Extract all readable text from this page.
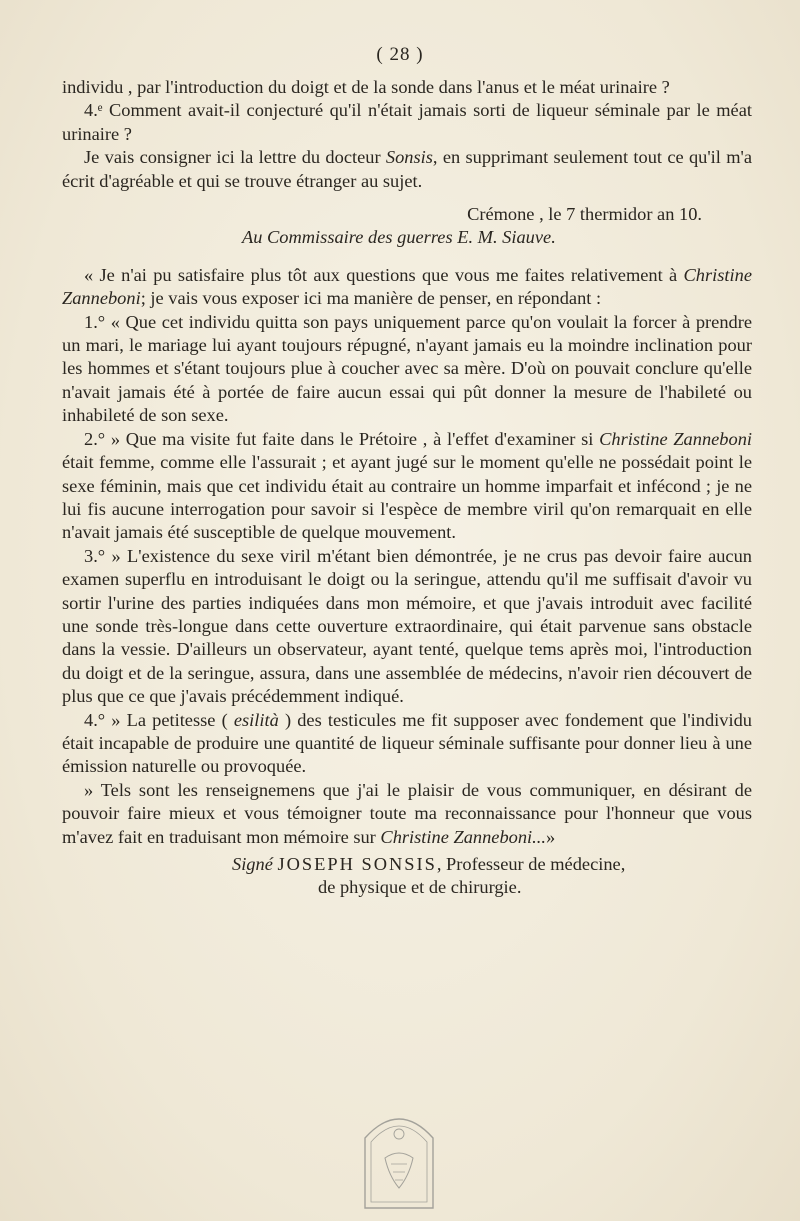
( 28 )

individu , par l'introduction du doigt et de la sonde dans l'anus et le méat urinaire ?

4.ᵉ Comment avait-il conjecturé qu'il n'était jamais sorti de liqueur séminale par le méat urinaire ?

Je vais consigner ici la lettre du docteur Sonsis, en supprimant seulement tout ce qu'il m'a écrit d'agréable et qui se trouve étranger au sujet.

Crémone , le 7 thermidor an 10.

Au Commissaire des guerres E. M. Siauve.

« Je n'ai pu satisfaire plus tôt aux questions que vous me faites relativement à Christine Zanneboni; je vais vous exposer ici ma manière de penser, en répondant :

1.° « Que cet individu quitta son pays uniquement parce qu'on voulait la forcer à prendre un mari, le mariage lui ayant toujours répugné, n'ayant jamais eu la moindre inclination pour les hommes et s'étant toujours plue à coucher avec sa mère. D'où on pouvait conclure qu'elle n'avait jamais été à portée de faire aucun essai qui pût donner la mesure de l'habileté ou inhabileté de son sexe.

2.° » Que ma visite fut faite dans le Prétoire , à l'effet d'examiner si Christine Zanneboni était femme, comme elle l'assurait ; et ayant jugé sur le moment qu'elle ne possédait point le sexe féminin, mais que cet individu était au contraire un homme imparfait et infécond ; je ne lui fis aucune interrogation pour savoir si l'espèce de membre viril qu'on remarquait en elle n'avait jamais été susceptible de quelque mouvement.

3.° » L'existence du sexe viril m'étant bien démontrée, je ne crus pas devoir faire aucun examen superflu en introduisant le doigt ou la seringue, attendu qu'il me suffisait d'avoir vu sortir l'urine des parties indiquées dans mon mémoire, et que j'avais introduit avec facilité une sonde très-longue dans cette ouverture extraordinaire, qui était parvenue sans obstacle dans la vessie. D'ailleurs un observateur, ayant tenté, quelque tems après moi, l'introduction du doigt et de la seringue, assura, dans une assemblée de médecins, n'avoir rien découvert de plus que ce que j'avais précédemment indiqué.

4.° » La petitesse ( esilità ) des testicules me fit supposer avec fondement que l'individu était incapable de produire une quantité de liqueur séminale suffisante pour donner lieu à une émission naturelle ou provoquée.

» Tels sont les renseignemens que j'ai le plaisir de vous communiquer, en désirant de pouvoir faire mieux et vous témoigner toute ma reconnaissance pour l'honneur que vous m'avez fait en traduisant mon mémoire sur Christine Zanneboni...»

Signé JOSEPH SONSIS, Professeur de médecine,

de physique et de chirurgie.
